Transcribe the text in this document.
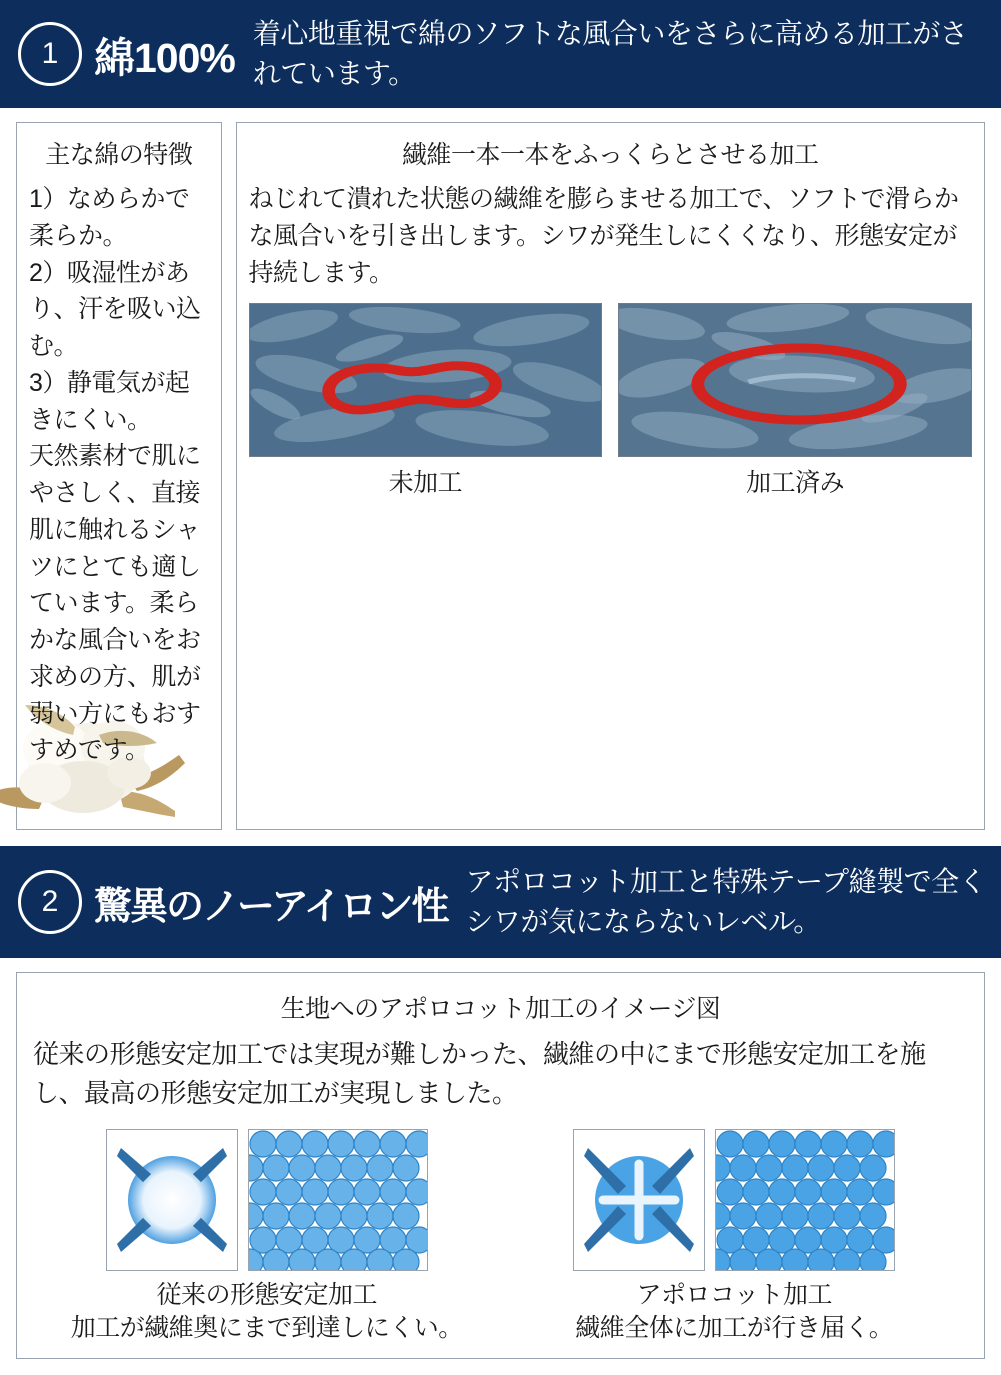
1 綿100%
着心地重視で綿のソフトな風合いをさらに高める加工がされています。
主な綿の特徴
1）なめらかで柔らか。
2）吸湿性があり、汗を吸い込む。
3）静電気が起きにくい。
天然素材で肌にやさしく、直接肌に触れるシャツにとても適しています。柔らかな風合いをお求めの方、肌が弱い方にもおすすめです。
繊維一本一本をふっくらとさせる加工
ねじれて潰れた状態の繊維を膨らませる加工で、ソフトで滑らかな風合いを引き出します。シワが発生しにくくなり、形態安定が持続します。
未加工	加工済み
2 驚異のノーアイロン性
アポロコット加工と特殊テープ縫製で全くシワが気にならないレベル。
生地へのアポロコット加工のイメージ図
従来の形態安定加工では実現が難しかった、繊維の中にまで形態安定加工を施し、最高の形態安定加工が実現しました。
従来の形態安定加工
加工が繊維奥にまで到達しにくい。
アポロコット加工
繊維全体に加工が行き届く。
